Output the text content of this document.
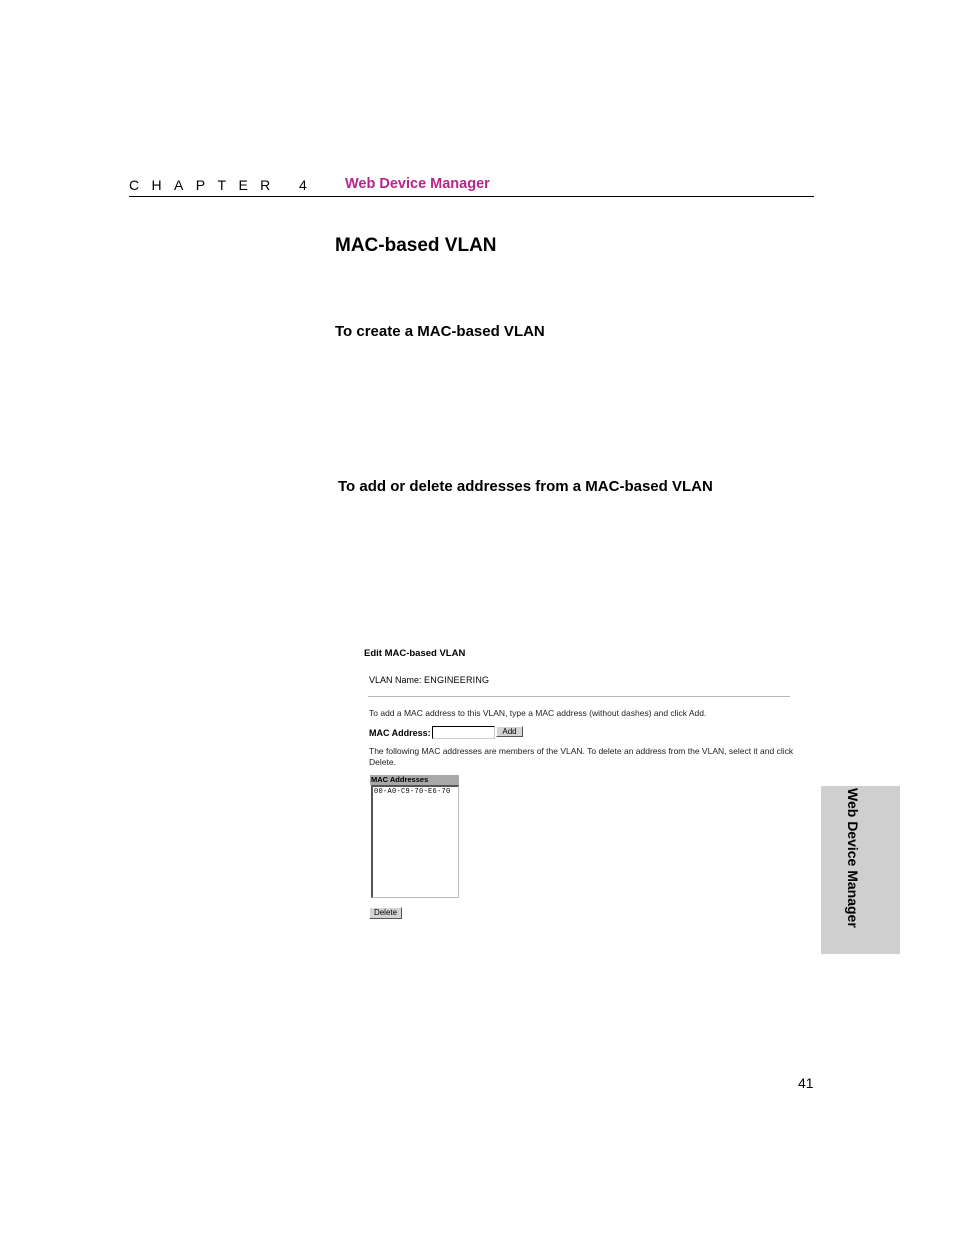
CHAPTER 4 Web Device Manager
MAC-based VLAN
To create a MAC-based VLAN
To add or delete addresses from a MAC-based VLAN
Edit MAC-based VLAN
VLAN Name: ENGINEERING
To add a MAC address to this VLAN, type a MAC address (without dashes) and click Add.
MAC Address:	Add
The following MAC addresses are members of the VLAN. To delete an address from the VLAN, select it and click Delete.
MAC Addresses
00-A0-C9-70-E6-70
Delete	Web Device Manager
41
